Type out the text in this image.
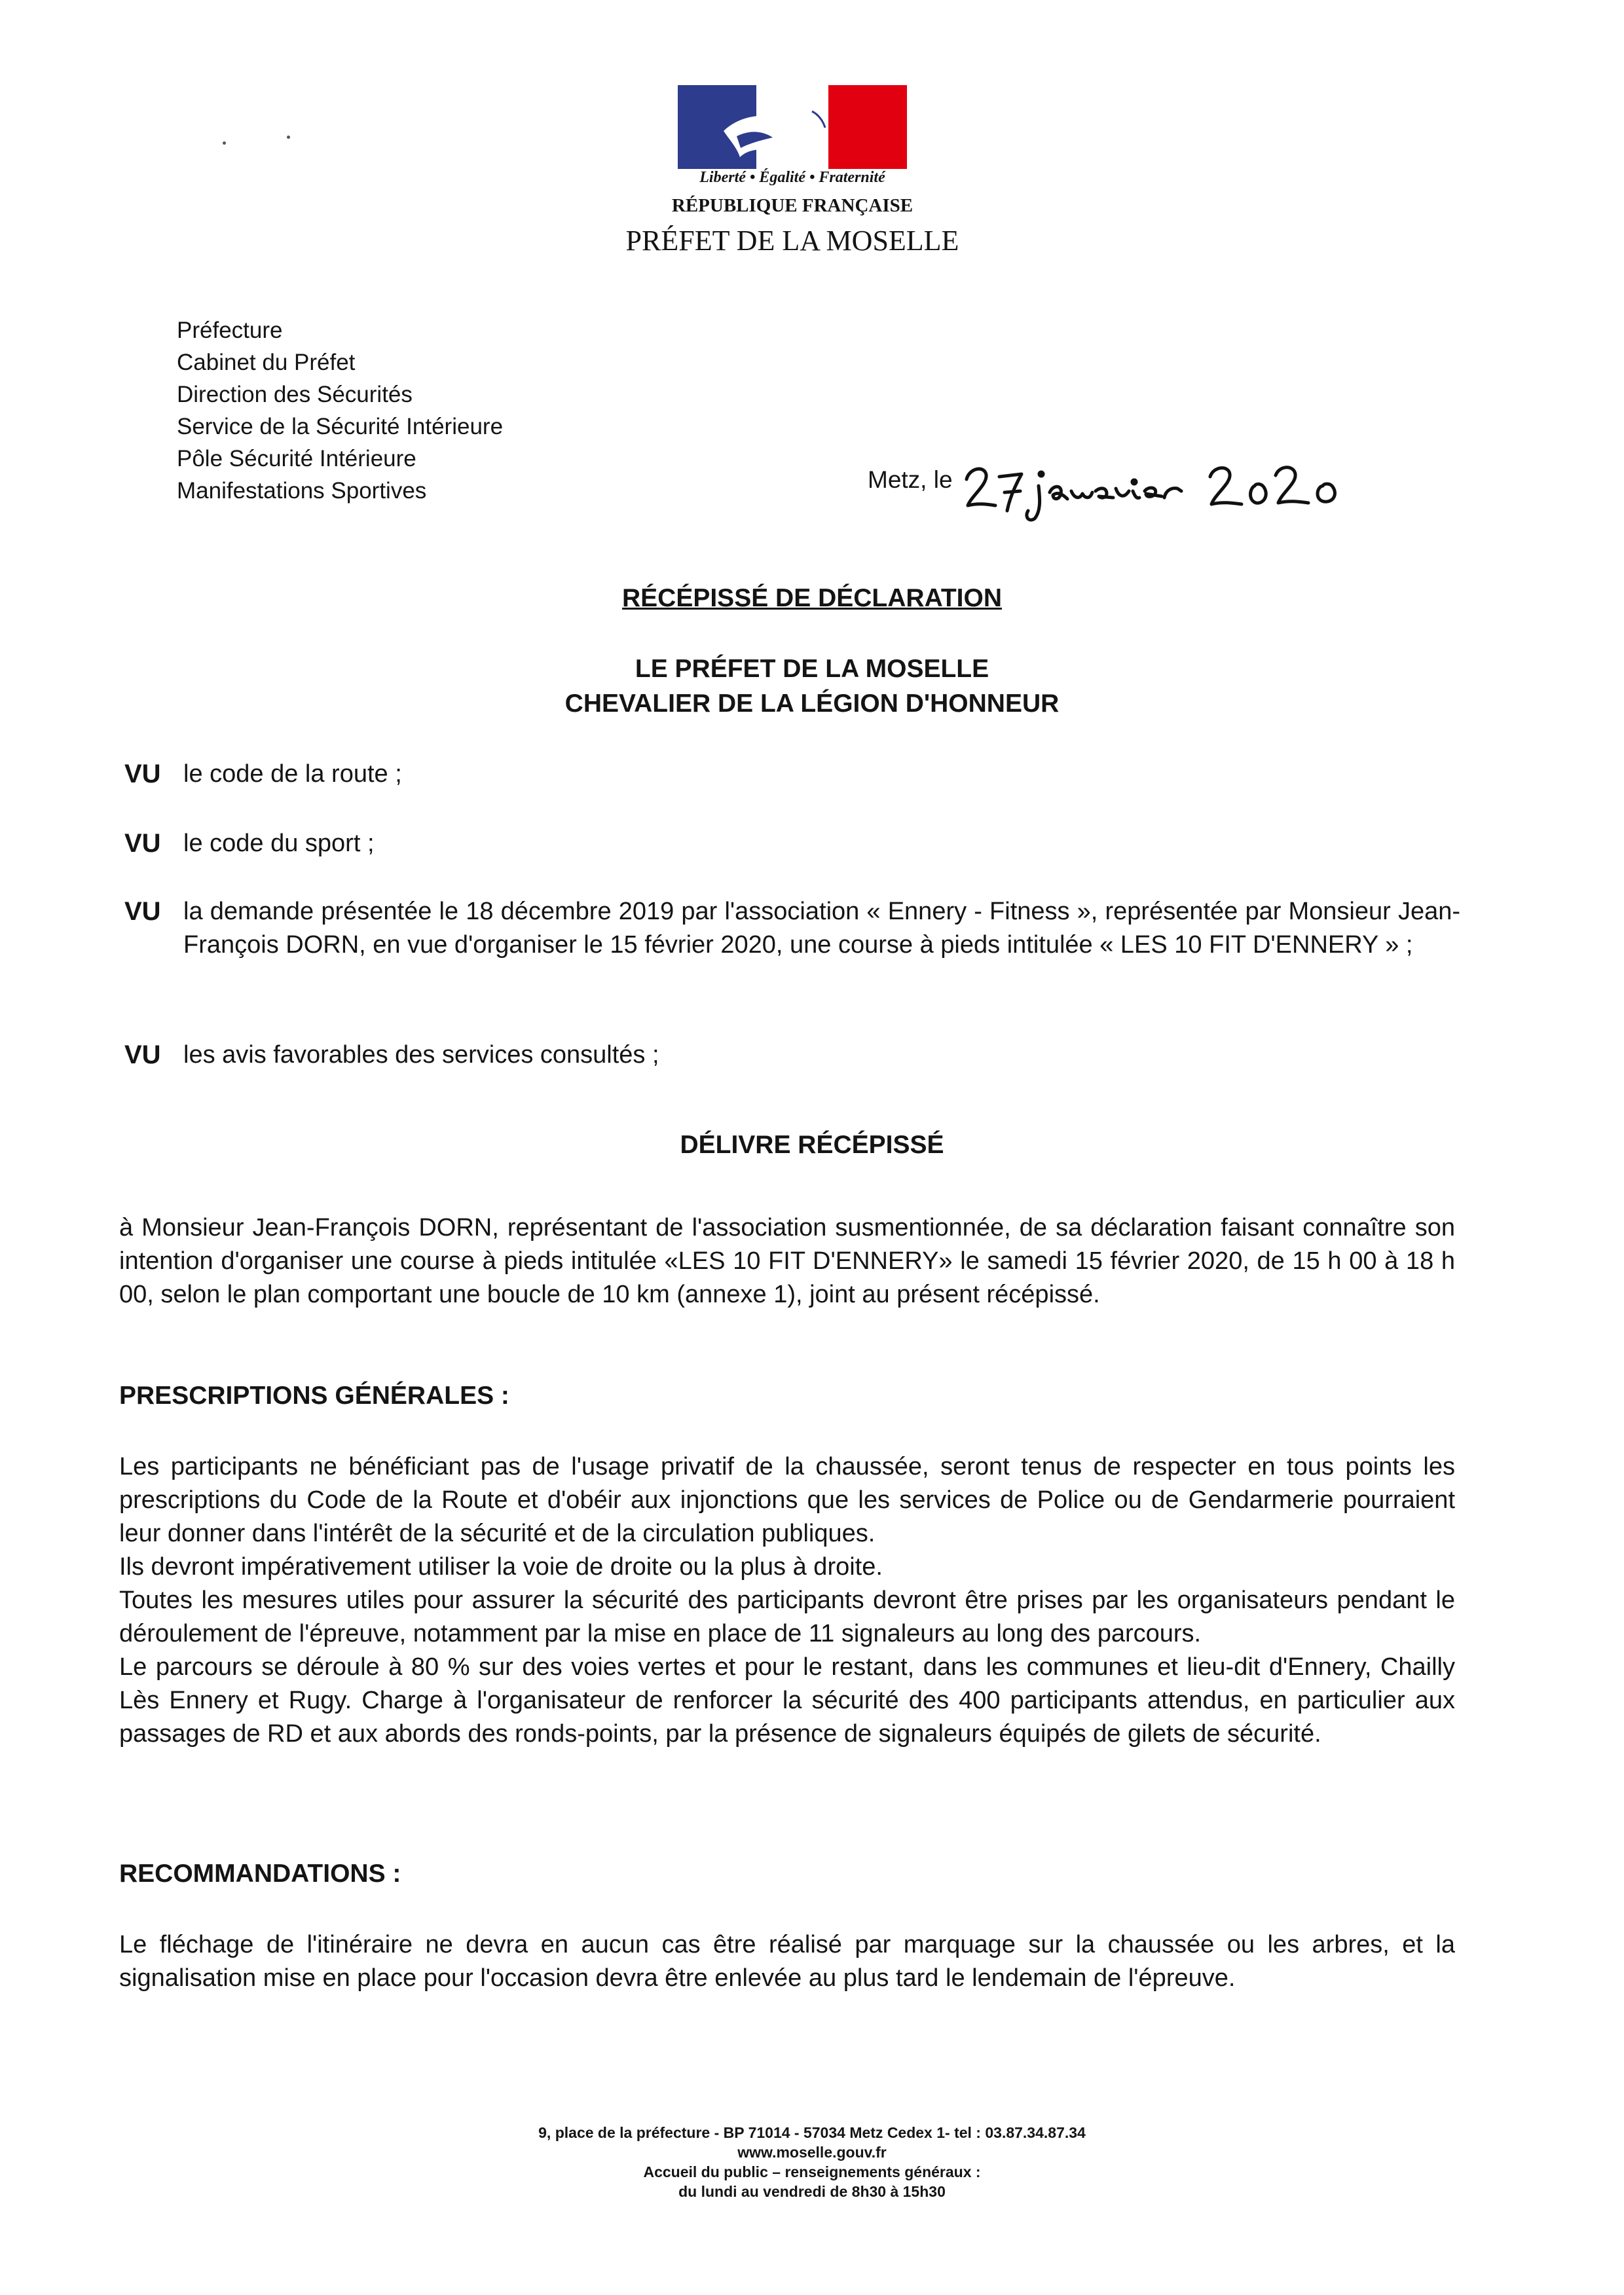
Liberté • Égalité • Fraternité
RÉPUBLIQUE FRANÇAISE
PRÉFET DE LA MOSELLE
Préfecture
Cabinet du Préfet
Direction des Sécurités
Service de la Sécurité Intérieure
Pôle Sécurité Intérieure
Manifestations Sportives	Metz, le
RÉCÉPISSÉ DE DÉCLARATION
LE PRÉFET DE LA MOSELLE
CHEVALIER DE LA LÉGION D'HONNEUR
VU le code de la route ;
VU le code du sport ;
VU la demande présentée le 18 décembre 2019 par l'association « Ennery - Fitness », représentée par Monsieur Jean-François DORN, en vue d'organiser le 15 février 2020, une course à pieds intitulée « LES 10 FIT D'ENNERY » ;
VU les avis favorables des services consultés ;
DÉLIVRE RÉCÉPISSÉ

à Monsieur Jean-François DORN, représentant de l'association susmentionnée, de sa déclaration faisant connaître son intention d'organiser une course à pieds intitulée «LES 10 FIT D'ENNERY» le samedi 15 février 2020, de 15 h 00 à 18 h 00, selon le plan comportant une boucle de 10 km (annexe 1), joint au présent récépissé.

PRESCRIPTIONS GÉNÉRALES :

Les participants ne bénéficiant pas de l'usage privatif de la chaussée, seront tenus de respecter en tous points les prescriptions du Code de la Route et d'obéir aux injonctions que les services de Police ou de Gendarmerie pourraient leur donner dans l'intérêt de la sécurité et de la circulation publiques.

Ils devront impérativement utiliser la voie de droite ou la plus à droite.

Toutes les mesures utiles pour assurer la sécurité des participants devront être prises par les organisateurs pendant le déroulement de l'épreuve, notamment par la mise en place de 11 signaleurs au long des parcours.

Le parcours se déroule à 80 % sur des voies vertes et pour le restant, dans les communes et lieu-dit d'Ennery, Chailly Lès Ennery et Rugy. Charge à l'organisateur de renforcer la sécurité des 400 participants attendus, en particulier aux passages de RD et aux abords des ronds-points, par la présence de signaleurs équipés de gilets de sécurité.

RECOMMANDATIONS :

Le fléchage de l'itinéraire ne devra en aucun cas être réalisé par marquage sur la chaussée ou les arbres, et la signalisation mise en place pour l'occasion devra être enlevée au plus tard le lendemain de l'épreuve.

9, place de la préfecture - BP 71014 - 57034 Metz Cedex 1- tel : 03.87.34.87.34
www.moselle.gouv.fr
Accueil du public – renseignements généraux :
du lundi au vendredi de 8h30 à 15h30
